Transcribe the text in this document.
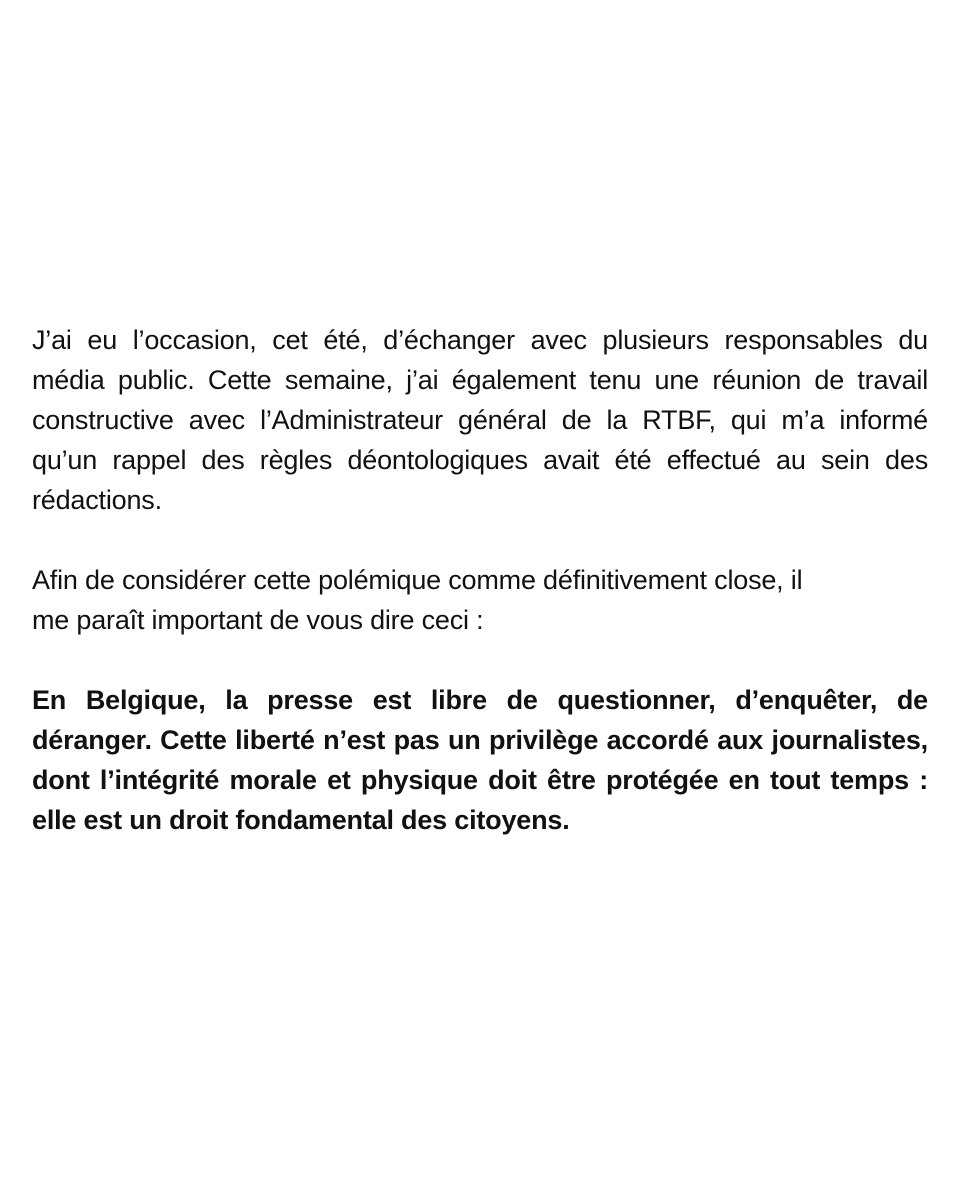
J’ai eu l’occasion, cet été, d’échanger avec plusieurs responsables du média public. Cette semaine, j’ai également tenu une réunion de travail constructive avec l’Administrateur général de la RTBF, qui m’a informé qu’un rappel des règles déontologiques avait été effectué au sein des rédactions.

Afin de considérer cette polémique comme définitivement close, il me paraît important de vous dire ceci :

En Belgique, la presse est libre de questionner, d’enquêter, de déranger. Cette liberté n’est pas un privilège accordé aux journalistes, dont l’intégrité morale et physique doit être protégée en tout temps : elle est un droit fondamental des citoyens.
